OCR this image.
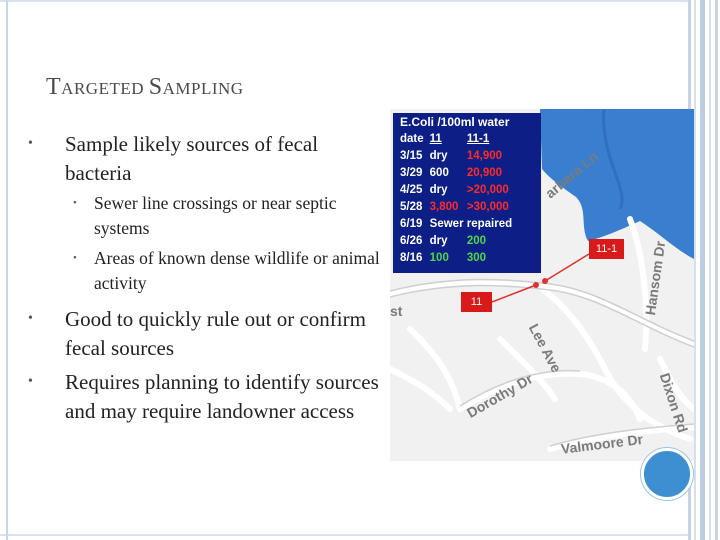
TARGETED SAMPLING
• Sample likely sources of fecal bacteria
• Sewer line crossings or near septic systems
• Areas of known dense wildlife or animal activity
• Good to quickly rule out or confirm fecal sources
• Requires planning to identify sources and may require landowner access
E.Coli /100ml water		
date	11	11-1
3/15	dry	14,900
3/29	600	20,900
4/25	dry	>20,000
5/28	3,800	>30,000
6/19	Sewer repaired	
6/26	dry	200
8/16	100	300
11
11-1
arbara Ln
Hansom Dr
Lee Ave
Dorothy Dr	Dixon Rd
Valmoore Dr
st
